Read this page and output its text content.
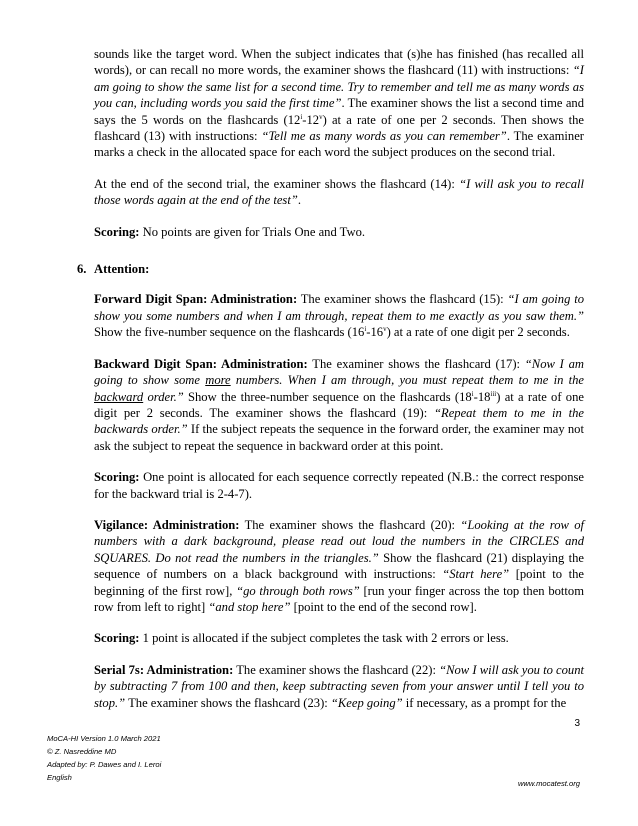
sounds like the target word. When the subject indicates that (s)he has finished (has recalled all words), or can recall no more words, the examiner shows the flashcard (11) with instructions: “I am going to show the same list for a second time. Try to remember and tell me as many words as you can, including words you said the first time”. The examiner shows the list a second time and says the 5 words on the flashcards (12$^i$-12$^v$) at a rate of one per 2 seconds. Then shows the flashcard (13) with instructions: “Tell me as many words as you can remember”. The examiner marks a check in the allocated space for each word the subject produces on the second trial.

At the end of the second trial, the examiner shows the flashcard (14): “I will ask you to recall those words again at the end of the test”.

Scoring: No points are given for Trials One and Two.

6. Attention:

Forward Digit Span: Administration: The examiner shows the flashcard (15): “I am going to show you some numbers and when I am through, repeat them to me exactly as you saw them.” Show the five-number sequence on the flashcards (16$^i$-16$^v$) at a rate of one digit per 2 seconds.

Backward Digit Span: Administration: The examiner shows the flashcard (17): “Now I am going to show some more numbers. When I am through, you must repeat them to me in the backward order.” Show the three-number sequence on the flashcards (18$^i$-18$^{iii}$) at a rate of one digit per 2 seconds. The examiner shows the flashcard (19): “Repeat them to me in the backwards order.” If the subject repeats the sequence in the forward order, the examiner may not ask the subject to repeat the sequence in backward order at this point.

Scoring: One point is allocated for each sequence correctly repeated (N.B.: the correct response for the backward trial is 2-4-7).

Vigilance: Administration: The examiner shows the flashcard (20): “Looking at the row of numbers with a dark background, please read out loud the numbers in the CIRCLES and SQUARES. Do not read the numbers in the triangles.” Show the flashcard (21) displaying the sequence of numbers on a black background with instructions: “Start here” [point to the beginning of the first row], “go through both rows” [run your finger across the top then bottom row from left to right] “and stop here” [point to the end of the second row].

Scoring: 1 point is allocated if the subject completes the task with 2 errors or less.

Serial 7s: Administration: The examiner shows the flashcard (22): “Now I will ask you to count by subtracting 7 from 100 and then, keep subtracting seven from your answer until I tell you to stop.” The examiner shows the flashcard (23): “Keep going” if necessary, as a prompt for the

3
MoCA-HI Version 1.0 March 2021
© Z. Nasreddine MD
Adapted by: P. Dawes and I. Leroi
English
www.mocatest.org
